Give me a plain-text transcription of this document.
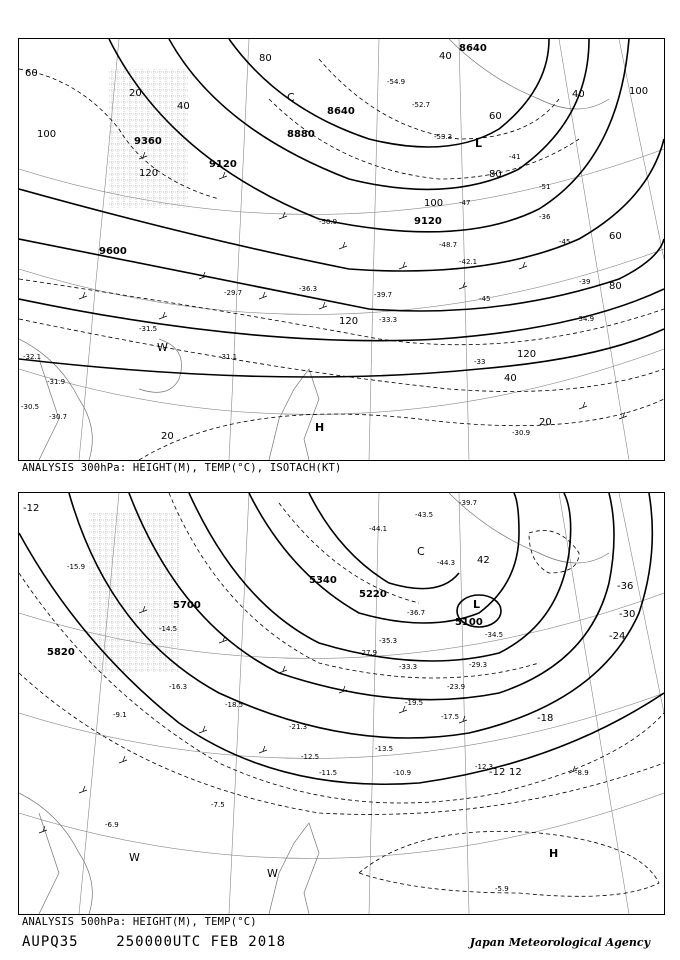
8640
8880
9120
9360
9600
9120
8640
20
40
60
80
100
120
40
60
80
100
120
20
40
20
40
60
80
100
120
L
H
W
C
-52.7
-54.9
-53.3
-51
-50.9
-48.7	-45
-42.1
-39
-36.3
-33.3
-31.1
-30.9
-30.7
-32.1
-31.9
-30.5
-36
-33
-39.7
-41
-47
-45
-31.5
-34.9
-29.7
ANALYSIS 300hPa: HEIGHT(M), TEMP(°C), ISOTACH(KT)
5700
5340
5820
5220
5100
-12
-36
-30
-24
-18
-12
42
12
L
C
H
W
W
-44.3
-39.7
-43.5
-44.1
-36.7
-27.9
-29.3
-23.9
-17.5
-13.5
-12.3
-10.9
-11.5
-12.5
-15.9
-8.9
-7.5
-6.9
-5.9
-9.1
-14.5
-16.3
-18.5	-19.5
-21.3
-35.3
-34.5
-33.3
ANALYSIS 500hPa: HEIGHT(M), TEMP(°C)
AUPQ35	250000UTC FEB 2018	Japan Meteorological Agency
